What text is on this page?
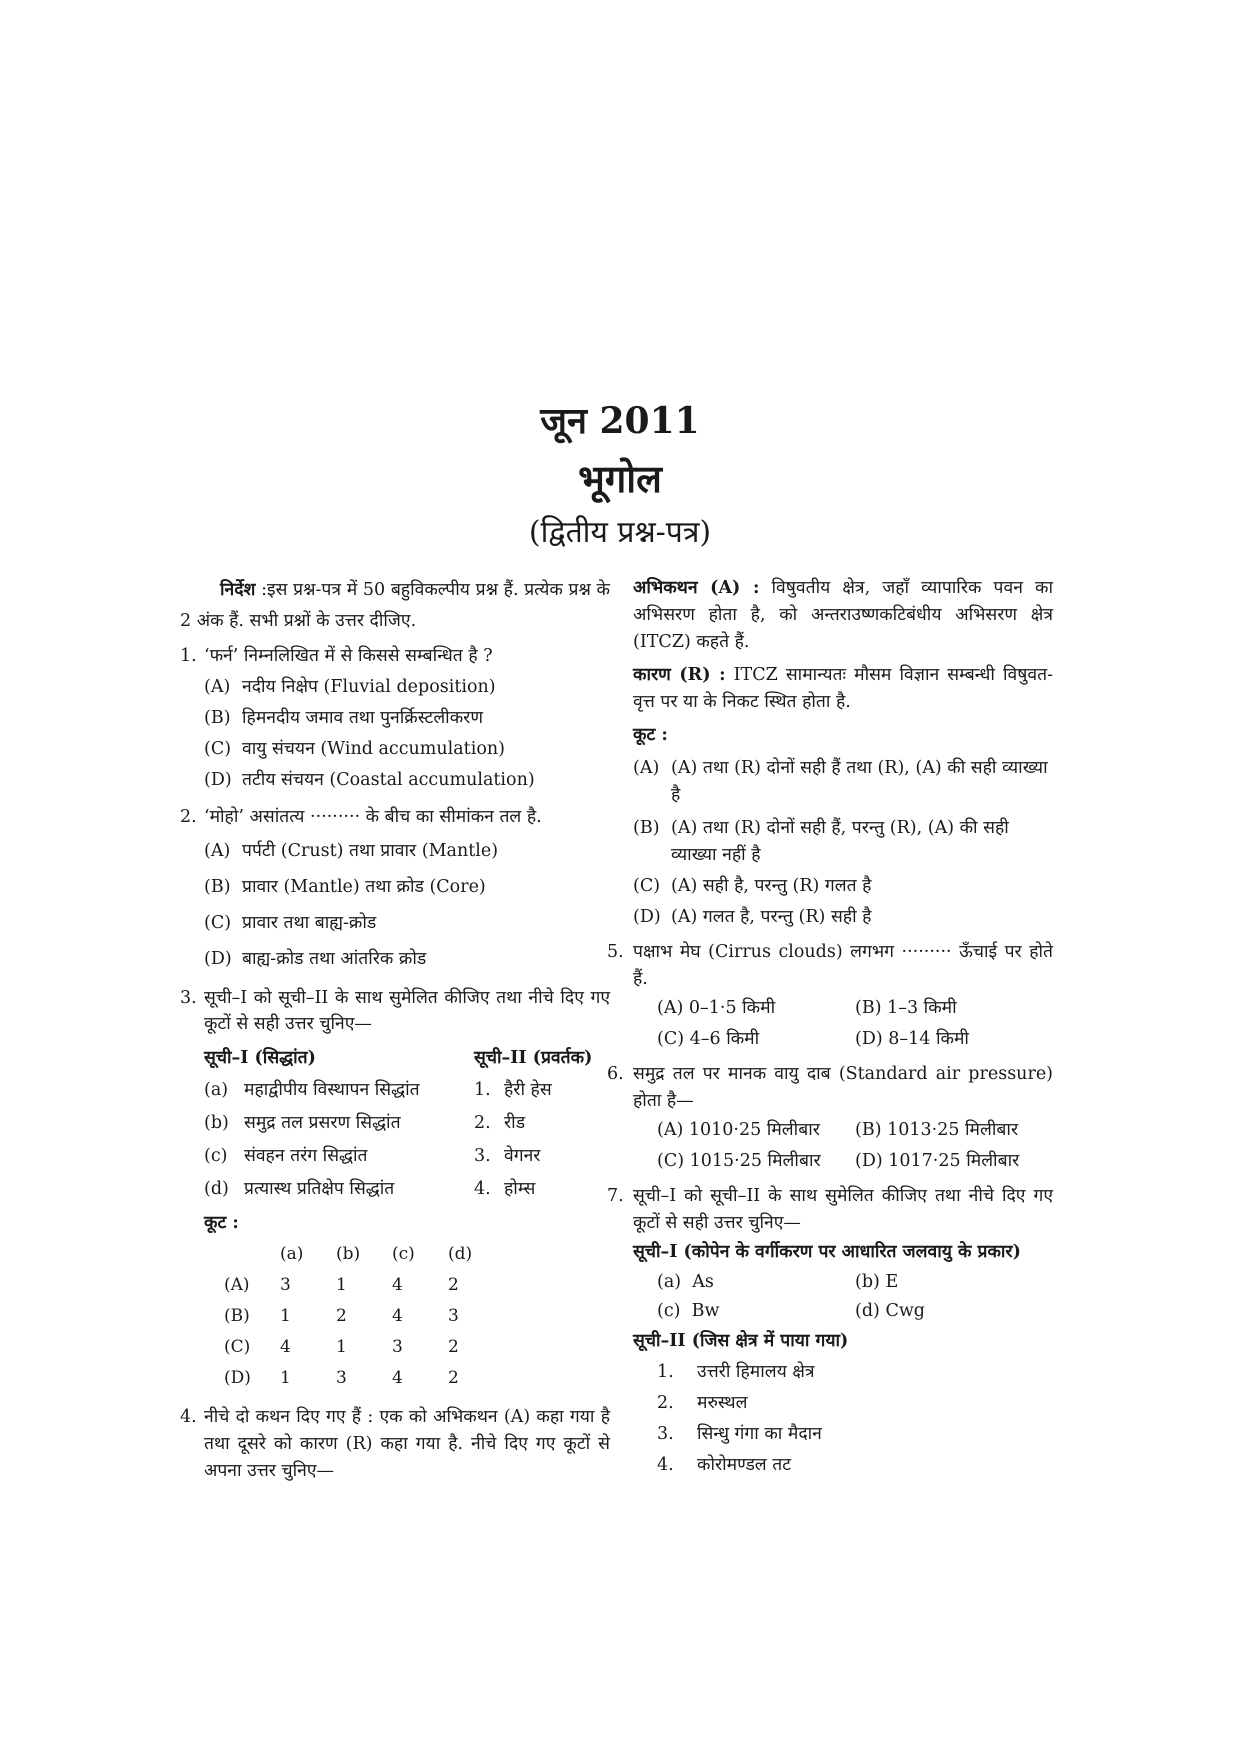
जून 2011
भूगोल
(द्वितीय प्रश्न-पत्र)

निर्देश :इस प्रश्न-पत्र में 50 बहुविकल्पीय प्रश्न हैं. प्रत्येक प्रश्न के 2 अंक हैं. सभी प्रश्नों के उत्तर दीजिए.

1. ‘फर्न’ निम्नलिखित में से किससे सम्बन्धित है ?
(A) नदीय निक्षेप (Fluvial deposition)
(B) हिमनदीय जमाव तथा पुनर्क्रिस्टलीकरण
(C) वायु संचयन (Wind accumulation)
(D) तटीय संचयन (Coastal accumulation)
2. ‘मोहो’ असांतत्य ········· के बीच का सीमांकन तल है.
(A) पर्पटी (Crust) तथा प्रावार (Mantle)
(B) प्रावार (Mantle) तथा क्रोड (Core)
(C) प्रावार तथा बाह्य-क्रोड
(D) बाह्य-क्रोड तथा आंतरिक क्रोड
3. सूची–I को सूची–II के साथ सुमेलित कीजिए तथा नीचे दिए गए कूटों से सही उत्तर चुनिए—
सूची–I (सिद्धांत)	सूची–II (प्रवर्तक)
(a) महाद्वीपीय विस्थापन सिद्धांत	1. हैरी हेस
(b) समुद्र तल प्रसरण सिद्धांत	2. रीड
(c) संवहन तरंग सिद्धांत	3. वेगनर
(d) प्रत्यास्थ प्रतिक्षेप सिद्धांत	4. होम्स
कूट :
	(a)	(b)	(c)	(d)
(A)	3	1	4	2
(B)	1	2	4	3
(C)	4	1	3	2
(D)	1	3	4	2
4. नीचे दो कथन दिए गए हैं : एक को अभिकथन (A) कहा गया है तथा दूसरे को कारण (R) कहा गया है. नीचे दिए गए कूटों से अपना उत्तर चुनिए—

अभिकथन (A) : विषुवतीय क्षेत्र, जहाँ व्यापारिक पवन का अभिसरण होता है, को अन्तराउष्णकटिबंधीय अभिसरण क्षेत्र (ITCZ) कहते हैं.

कारण (R) : ITCZ सामान्यतः मौसम विज्ञान सम्बन्धी विषुवत-वृत्त पर या के निकट स्थित होता है.

कूट :
(A) (A) तथा (R) दोनों सही हैं तथा (R), (A) की सही व्याख्या है
(B) (A) तथा (R) दोनों सही हैं, परन्तु (R), (A) की सही व्याख्या नहीं है
(C) (A) सही है, परन्तु (R) गलत है
(D) (A) गलत है, परन्तु (R) सही है
5. पक्षाभ मेघ (Cirrus clouds) लगभग ········· ऊँचाई पर होते हैं.
(A) 0–1·5 किमी	(B) 1–3 किमी
(C) 4–6 किमी	(D) 8–14 किमी
6. समुद्र तल पर मानक वायु दाब (Standard air pressure) होता है—
(A) 1010·25 मिलीबार	(B) 1013·25 मिलीबार
(C) 1015·25 मिलीबार	(D) 1017·25 मिलीबार
7. सूची–I को सूची–II के साथ सुमेलित कीजिए तथा नीचे दिए गए कूटों से सही उत्तर चुनिए—
सूची–I (कोपेन के वर्गीकरण पर आधारित जलवायु के प्रकार)
(a) As	(b) E
(c) Bw	(d) Cwg
सूची–II (जिस क्षेत्र में पाया गया)
1.	उत्तरी हिमालय क्षेत्र
2.	मरुस्थल
3.	सिन्धु गंगा का मैदान
4.	कोरोमण्डल तट
